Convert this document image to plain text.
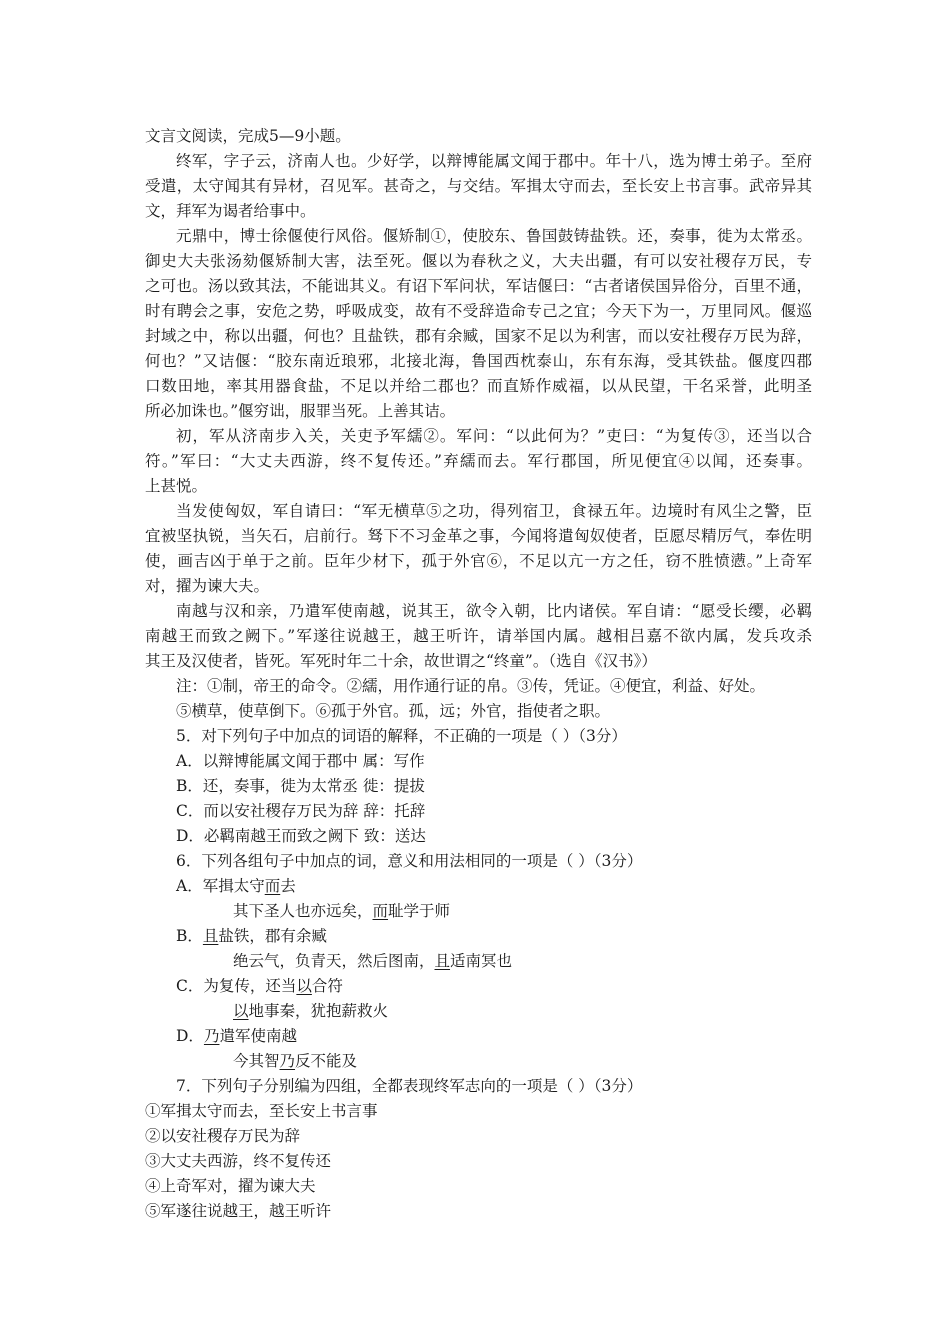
文言文阅读，完成5—9小题。
终军，字子云，济南人也。少好学，以辩博能属文闻于郡中。年十八，选为博士弟子。至府
受遣，太守闻其有异材，召见军。甚奇之，与交结。军揖太守而去，至长安上书言事。武帝异其
文，拜军为谒者给事中。
元鼎中，博士徐偃使行风俗。偃矫制①，使胶东、鲁国鼓铸盐铁。还，奏事，徙为太常丞。
御史大夫张汤劾偃矫制大害，法至死。偃以为春秋之义，大夫出疆，有可以安社稷存万民，专
之可也。汤以致其法，不能诎其义。有诏下军问状，军诘偃曰：“古者诸侯国异俗分，百里不通，
时有聘会之事，安危之势，呼吸成变，故有不受辞造命专己之宜；今天下为一，万里同风。偃巡
封域之中，称以出疆，何也？且盐铁，郡有余臧，国家不足以为利害，而以安社稷存万民为辞，
何也？”又诘偃：“胶东南近琅邪，北接北海，鲁国西枕泰山，东有东海，受其铁盐。偃度四郡
口数田地，率其用器食盐，不足以并给二郡也？而直矫作威福，以从民望，干名采誉，此明圣
所必加诛也。”偃穷诎，服罪当死。上善其诘。
初，军从济南步入关，关吏予军繻②。军问：“以此何为？”吏曰：“为复传③，还当以合
符。”军曰：“大丈夫西游，终不复传还。”弃繻而去。军行郡国，所见便宜④以闻，还奏事。
上甚悦。
当发使匈奴，军自请曰：“军无横草⑤之功，得列宿卫，食禄五年。边境时有风尘之警，臣
宜被坚执锐，当矢石，启前行。驽下不习金革之事，今闻将遣匈奴使者，臣愿尽精厉气，奉佐明
使，画吉凶于单于之前。臣年少材下，孤于外官⑥，不足以亢一方之任，窃不胜愤懑。”上奇军
对，擢为谏大夫。
南越与汉和亲，乃遣军使南越，说其王，欲令入朝，比内诸侯。军自请：“愿受长缨，必羁
南越王而致之阙下。”军遂往说越王，越王听许，请举国内属。越相吕嘉不欲内属，发兵攻杀
其王及汉使者，皆死。军死时年二十余，故世谓之“终童”。（选自《汉书》）
注：①制，帝王的命令。②繻，用作通行证的帛。③传，凭证。④便宜，利益、好处。
⑤横草，使草倒下。⑥孤于外官。孤，远；外官，指使者之职。
5．对下列句子中加点的词语的解释，不正确的一项是（ ）（3分）
A．以辩博能属文闻于郡中 属：写作
B．还，奏事，徙为太常丞 徙：提拔
C．而以安社稷存万民为辞 辞：托辞
D．必羁南越王而致之阙下 致：送达
6．下列各组句子中加点的词，意义和用法相同的一项是（ ）（3分）
A．军揖太守而去
其下圣人也亦远矣，而耻学于师
B．且盐铁，郡有余臧
绝云气，负青天，然后图南，且适南冥也
C．为复传，还当以合符
以地事秦，犹抱薪救火
D．乃遣军使南越
今其智乃反不能及
7．下列句子分别编为四组，全都表现终军志向的一项是（ ）（3分）
①军揖太守而去，至长安上书言事
②以安社稷存万民为辞
③大丈夫西游，终不复传还
④上奇军对，擢为谏大夫
⑤军遂往说越王，越王听许
